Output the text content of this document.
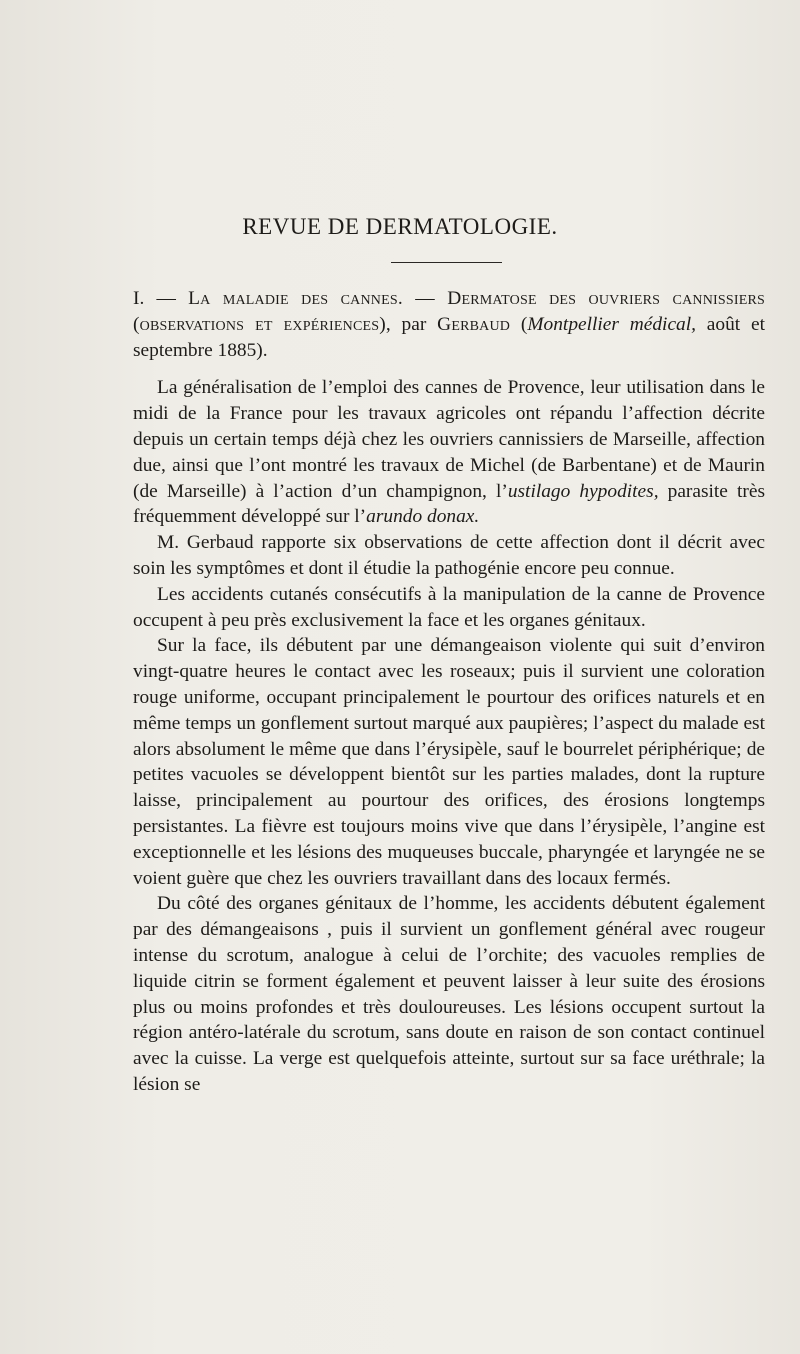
REVUE DE DERMATOLOGIE.

I. — La maladie des cannes. — Dermatose des ouvriers cannissiers (observations et expériences), par Gerbaud (Montpellier médical, août et septembre 1885).

La généralisation de l’emploi des cannes de Provence, leur utilisation dans le midi de la France pour les travaux agricoles ont répandu l’affection décrite depuis un certain temps déjà chez les ouvriers cannissiers de Marseille, affection due, ainsi que l’ont montré les travaux de Michel (de Barbentane) et de Maurin (de Marseille) à l’action d’un champignon, l’ustilago hypodites, parasite très fréquemment développé sur l’arundo donax.

M. Gerbaud rapporte six observations de cette affection dont il décrit avec soin les symptômes et dont il étudie la pathogénie encore peu connue.

Les accidents cutanés consécutifs à la manipulation de la canne de Provence occupent à peu près exclusivement la face et les organes génitaux.

Sur la face, ils débutent par une démangeaison violente qui suit d’environ vingt-quatre heures le contact avec les roseaux; puis il survient une coloration rouge uniforme, occupant principalement le pourtour des orifices naturels et en même temps un gonflement surtout marqué aux paupières; l’aspect du malade est alors absolument le même que dans l’érysipèle, sauf le bourrelet périphérique; de petites vacuoles se développent bientôt sur les parties malades, dont la rupture laisse, principalement au pourtour des orifices, des érosions longtemps persistantes. La fièvre est toujours moins vive que dans l’érysipèle, l’angine est exceptionnelle et les lésions des muqueuses buccale, pharyngée et laryngée ne se voient guère que chez les ouvriers travaillant dans des locaux fermés.

Du côté des organes génitaux de l’homme, les accidents débutent également par des démangeaisons , puis il survient un gonflement général avec rougeur intense du scrotum, analogue à celui de l’orchite; des vacuoles remplies de liquide citrin se forment également et peuvent laisser à leur suite des érosions plus ou moins profondes et très douloureuses. Les lésions occupent surtout la région antéro-latérale du scrotum, sans doute en raison de son contact continuel avec la cuisse. La verge est quelquefois atteinte, surtout sur sa face uréthrale; la lésion se
